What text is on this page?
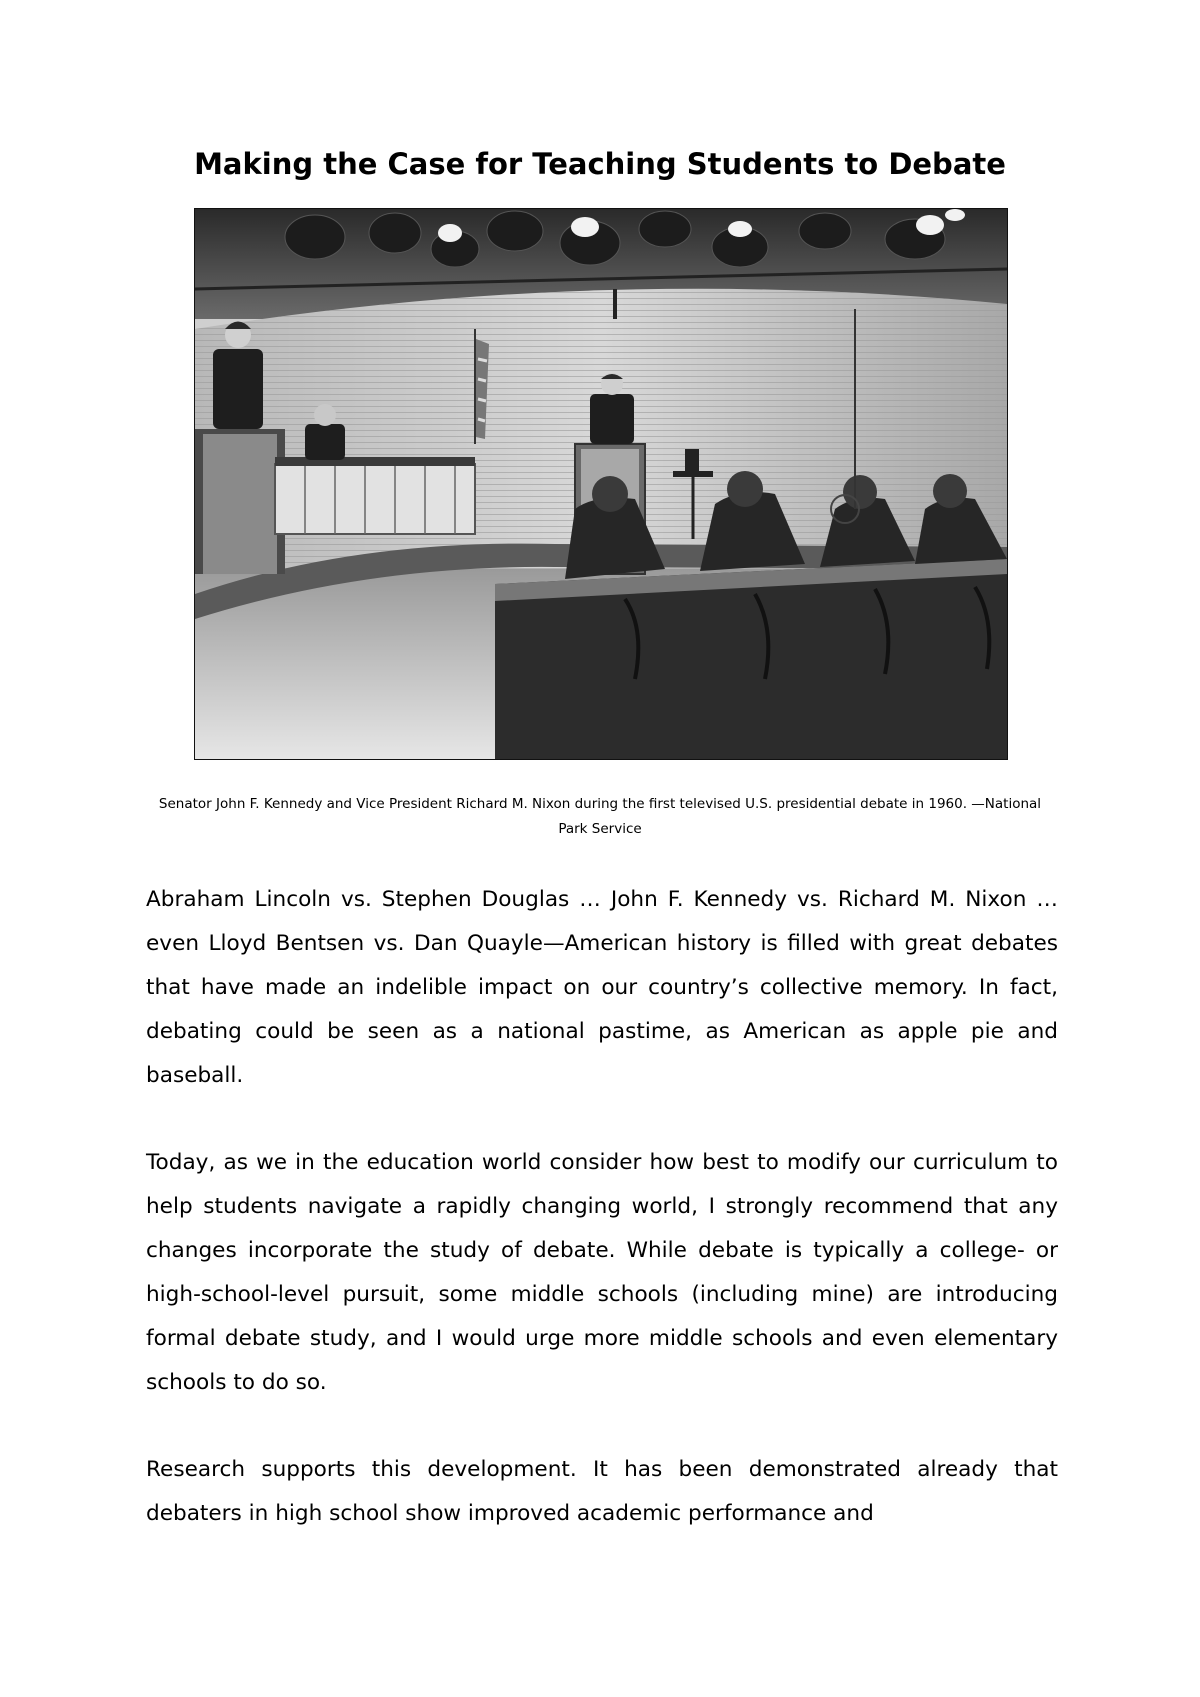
Making the Case for Teaching Students to Debate

Senator John F. Kennedy and Vice President Richard M. Nixon during the first televised U.S. presidential debate in 1960. —National Park Service

Abraham Lincoln vs. Stephen Douglas … John F. Kennedy vs. Richard M. Nixon … even Lloyd Bentsen vs. Dan Quayle—American history is filled with great debates that have made an indelible impact on our country’s collective memory. In fact, debating could be seen as a national pastime, as American as apple pie and baseball.

Today, as we in the education world consider how best to modify our curriculum to help students navigate a rapidly changing world, I strongly recommend that any changes incorporate the study of debate. While debate is typically a college- or high-school-level pursuit, some middle schools (including mine) are introducing formal debate study, and I would urge more middle schools and even elementary schools to do so.

Research supports this development. It has been demonstrated already that debaters in high school show improved academic performance and
